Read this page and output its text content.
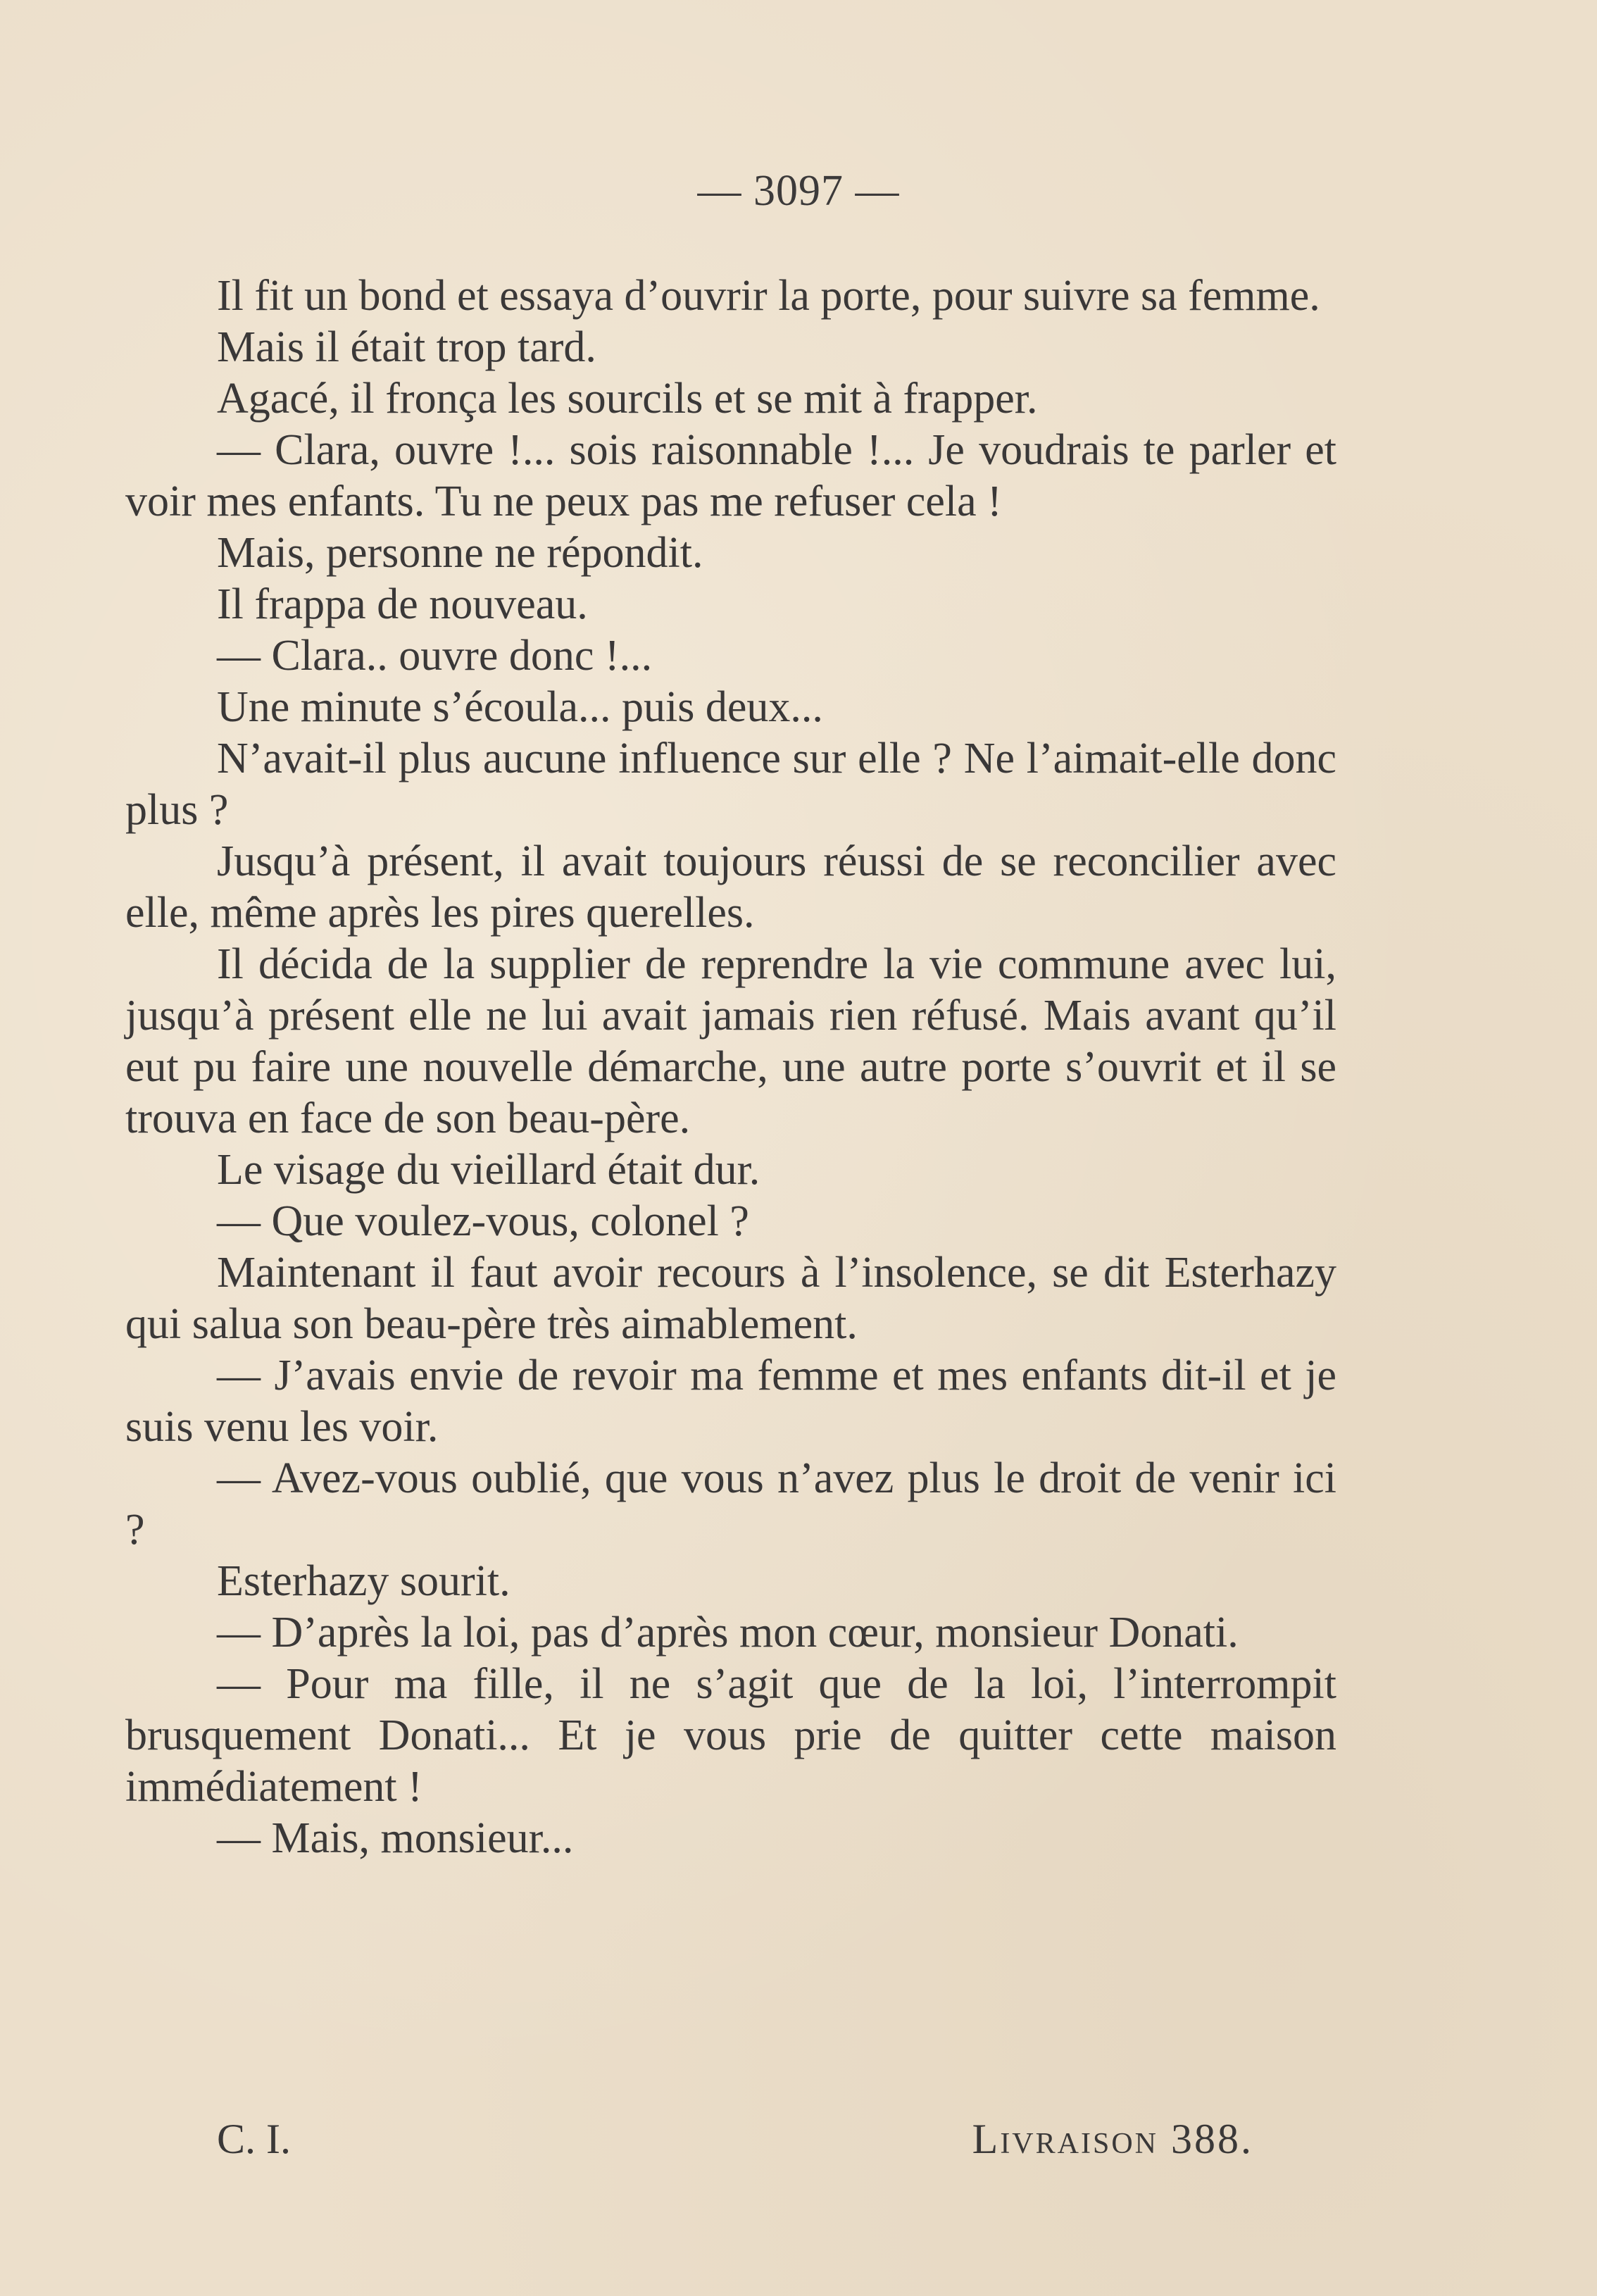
— 3097 —

Il fit un bond et essaya d’ouvrir la porte, pour suivre sa femme.

Mais il était trop tard.

Agacé, il fronça les sourcils et se mit à frapper.

— Clara, ouvre !... sois raisonnable !... Je voudrais te parler et voir mes enfants. Tu ne peux pas me refuser cela !

Mais, personne ne répondit.

Il frappa de nouveau.

— Clara.. ouvre donc !...

Une minute s’écoula... puis deux...

N’avait-il plus aucune influence sur elle ? Ne l’aimait-elle donc plus ?

Jusqu’à présent, il avait toujours réussi de se reconcilier avec elle, même après les pires querelles.

Il décida de la supplier de reprendre la vie commune avec lui, jusqu’à présent elle ne lui avait jamais rien réfusé. Mais avant qu’il eut pu faire une nouvelle démarche, une autre porte s’ouvrit et il se trouva en face de son beau-père.

Le visage du vieillard était dur.

— Que voulez-vous, colonel ?

Maintenant il faut avoir recours à l’insolence, se dit Esterhazy qui salua son beau-père très aimablement.

— J’avais envie de revoir ma femme et mes enfants dit-il et je suis venu les voir.

— Avez-vous oublié, que vous n’avez plus le droit de venir ici ?

Esterhazy sourit.

— D’après la loi, pas d’après mon cœur, monsieur Donati.

— Pour ma fille, il ne s’agit que de la loi, l’interrompit brusquement Donati... Et je vous prie de quitter cette maison immédiatement !

— Mais, monsieur...

C. I.	Livraison 388.
